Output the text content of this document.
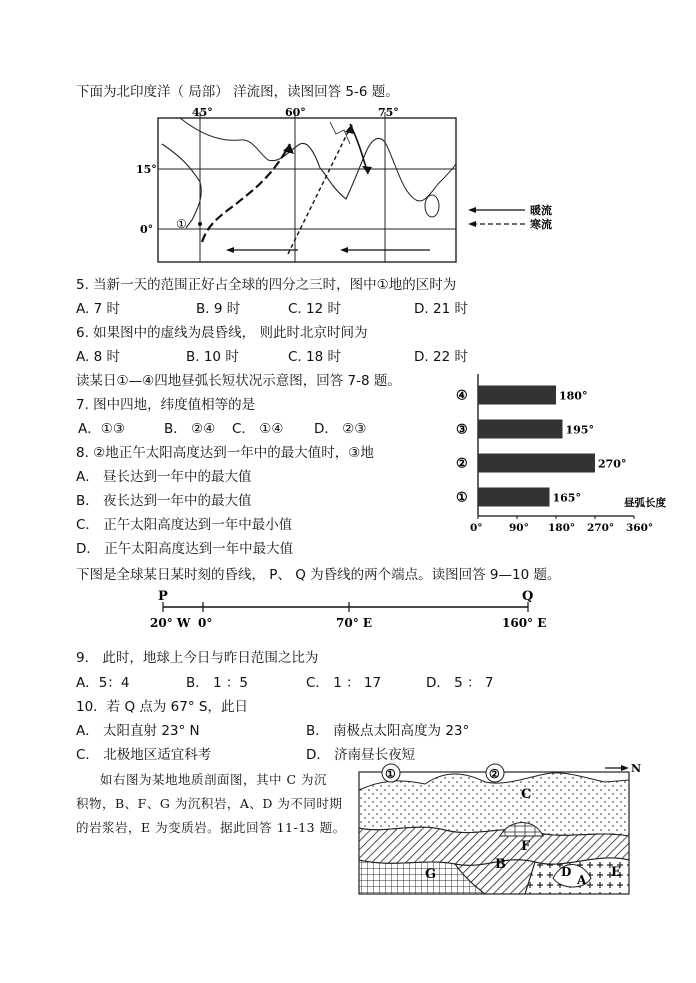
下面为北印度洋（ 局部） 洋流图，读图回答 5-6 题。
45°	60°	75°
15°
0° ①
暖流
寒流
5. 当新一天的范围正好占全球的四分之三时，图中①地的区时为
A. 7 时	B. 9 时	C. 12 时	D. 21 时
6. 如果图中的虚线为晨昏线， 则此时北京时间为
A. 8 时	B. 10 时	C. 18 时	D. 22 时
读某日①—④四地昼弧长短状况示意图，回答 7-8 题。
7. 图中四地，纬度值相等的是
A．①③	B． ②④ C． ①④ D． ②③
8. ②地正午太阳高度达到一年中的最大值时，③地
A． 昼长达到一年中的最大值
B． 夜长达到一年中的最大值
C． 正午太阳高度达到一年中最小值
D． 正午太阳高度达到一年中最大值
④	180°
③	195°
②	270°
①	165°
0°	90° 180° 270° 360°
昼弧长度
下图是全球某日某时刻的昏线， P、 Q 为昏线的两个端点。读图回答 9—10 题。
P	Q
20° W 0°	70° E	160° E
9． 此时，地球上今日与昨日范围之比为
A．5：4	B． 1 ：5	C． 1 ： 17	D． 5 ： 7
10．若 Q 点为 67° S，此日
A． 太阳直射 23° N	B． 南极点太阳高度为 23°
C． 北极地区适宜科考	D． 济南昼长夜短
如右图为某地地质剖面图，其中 C 为沉
积物，B、F、G 为沉积岩，A、D 为不同时期
的岩浆岩，E 为变质岩。据此回答 11-13 题。
①	②	N
C
B
F
G	D
A E
